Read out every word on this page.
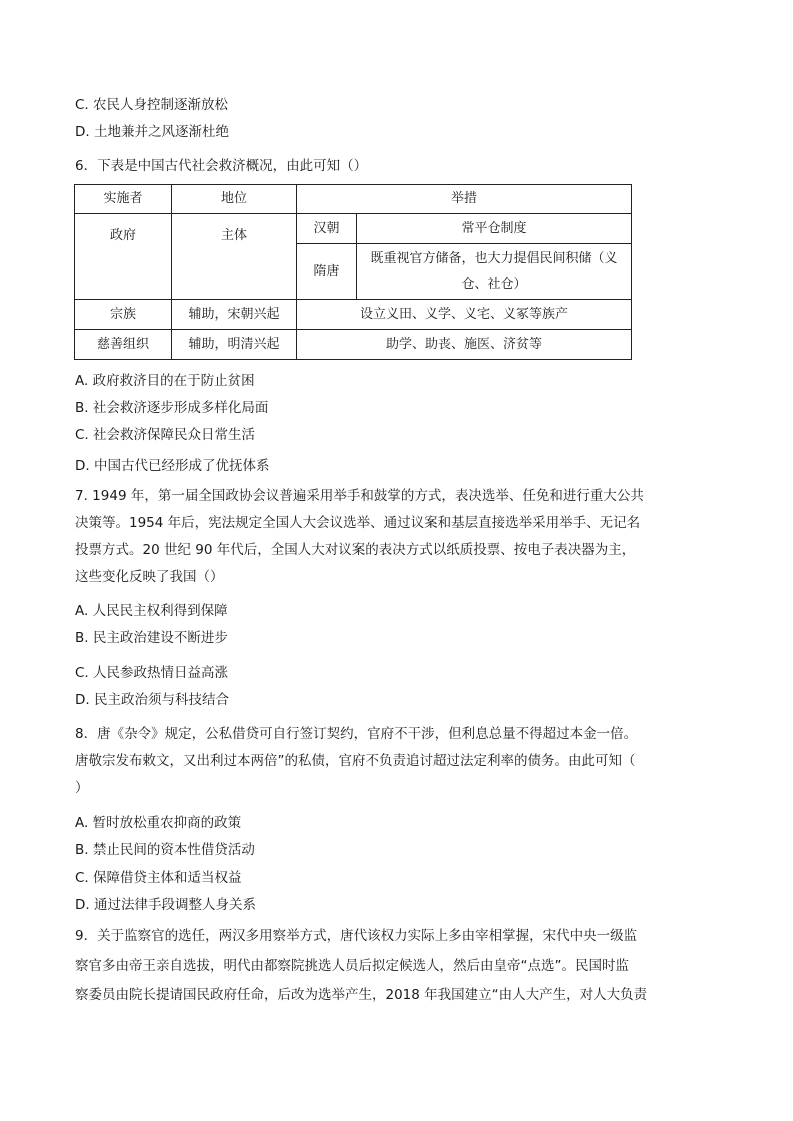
C. 农民人身控制逐渐放松
D. 土地兼并之风逐渐杜绝
6．下表是中国古代社会救济概况，由此可知（）
实施者	地位	举措	
政府	主体	汉朝	常平仓制度
		隋唐	既重视官方储备，也大力提倡民间积储（义
仓、社仓）

宗族	辅助，宋朝兴起	设立义田、义学、义宅、义冢等族产	
慈善组织	辅助，明清兴起	助学、助丧、施医、济贫等	
A. 政府救济目的在于防止贫困
B. 社会救济逐步形成多样化局面
C. 社会救济保障民众日常生活
D. 中国古代已经形成了优抚体系
7. 1949 年，第一届全国政协会议普遍采用举手和鼓掌的方式，表决选举、任免和进行重大公共
决策等。1954 年后，宪法规定全国人大会议选举、通过议案和基层直接选举采用举手、无记名
投票方式。20 世纪 90 年代后，全国人大对议案的表决方式以纸质投票、按电子表决器为主，
这些变化反映了我国（）
A. 人民民主权利得到保障
B. 民主政治建设不断进步
C. 人民参政热情日益高涨
D. 民主政治须与科技结合
8．唐《杂令》规定，公私借贷可自行签订契约，官府不干涉，但利息总量不得超过本金一倍。
唐敬宗发布敕文，又出利过本两倍”的私债，官府不负责追讨超过法定利率的债务。由此可知（
）
A. 暂时放松重农抑商的政策
B. 禁止民间的资本性借贷活动
C. 保障借贷主体和适当权益
D. 通过法律手段调整人身关系
9．关于监察官的选任，两汉多用察举方式，唐代该权力实际上多由宰相掌握，宋代中央一级监
察官多由帝王亲自选拔，明代由都察院挑选人员后拟定候选人，然后由皇帝“点选”。民国时监
察委员由院长提请国民政府任命，后改为选举产生，2018 年我国建立“由人大产生，对人大负责
